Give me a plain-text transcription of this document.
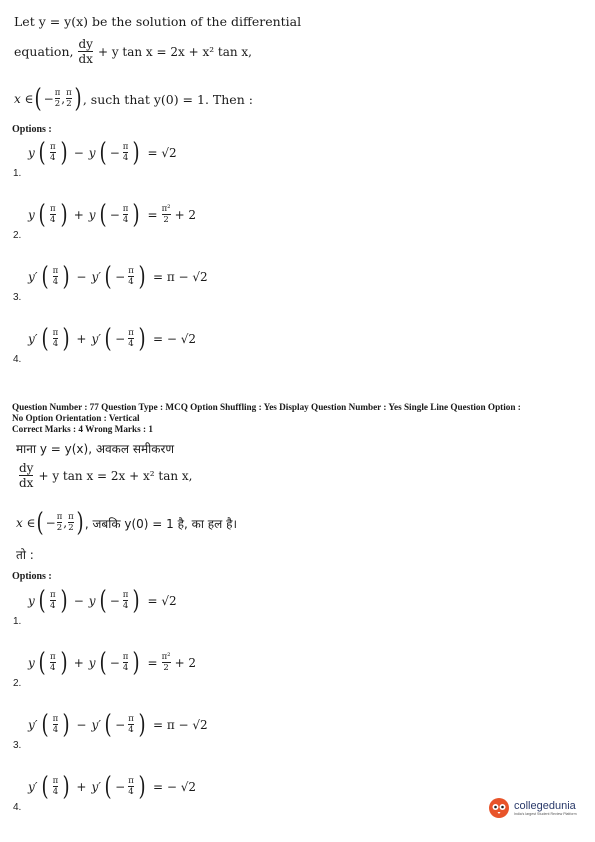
Let y = y(x) be the solution of the differential
equation, $\frac{dy}{dx} + y$ tan x = 2x + x² tan x,
x ∈ ( − $\frac{\pi}{2}$ , $\frac{\pi}{2}$ ) , such that y(0) = 1. Then :
Options :
y ( $\frac{\pi}{4}$ ) − y ( − $\frac{\pi}{4}$ ) = √2
1.
y ( $\frac{\pi}{4}$ ) + y ( − $\frac{\pi}{4}$ ) = $\frac{\text{π²}}{2} + 2$
2.
y′ ( $\frac{\pi}{4}$ ) − y′ ( − $\frac{\pi}{4}$ ) = π − √2
3.
y′ ( $\frac{\pi}{4}$ ) + y′ ( − $\frac{\pi}{4}$ ) = − √2
4.
Question Number : 77 Question Type : MCQ Option Shuffling : Yes Display Question Number : Yes Single Line Question Option :
No Option Orientation : Vertical
Correct Marks : 4 Wrong Marks : 1
माना y = y(x), अवकल समीकरण
$\frac{dy}{dx} + y$ tan x = 2x + x² tan x,
x ∈ ( − $\frac{\pi}{2}$ , $\frac{\pi}{2}$ ) , जबकि y(0) = 1 है, का हल है।
तो :
Options :
y ( $\frac{\pi}{4}$ ) − y ( − $\frac{\pi}{4}$ ) = √2
1.
y ( $\frac{\pi}{4}$ ) + y ( − $\frac{\pi}{4}$ ) = $\frac{\text{π²}}{2} + 2$
2.
y′ ( $\frac{\pi}{4}$ ) − y′ ( − $\frac{\pi}{4}$ ) = π − √2
3.
y′ ( $\frac{\pi}{4}$ ) + y′ ( − $\frac{\pi}{4}$ ) = − √2
4.	collegedunia
India's largest Student Review Platform
